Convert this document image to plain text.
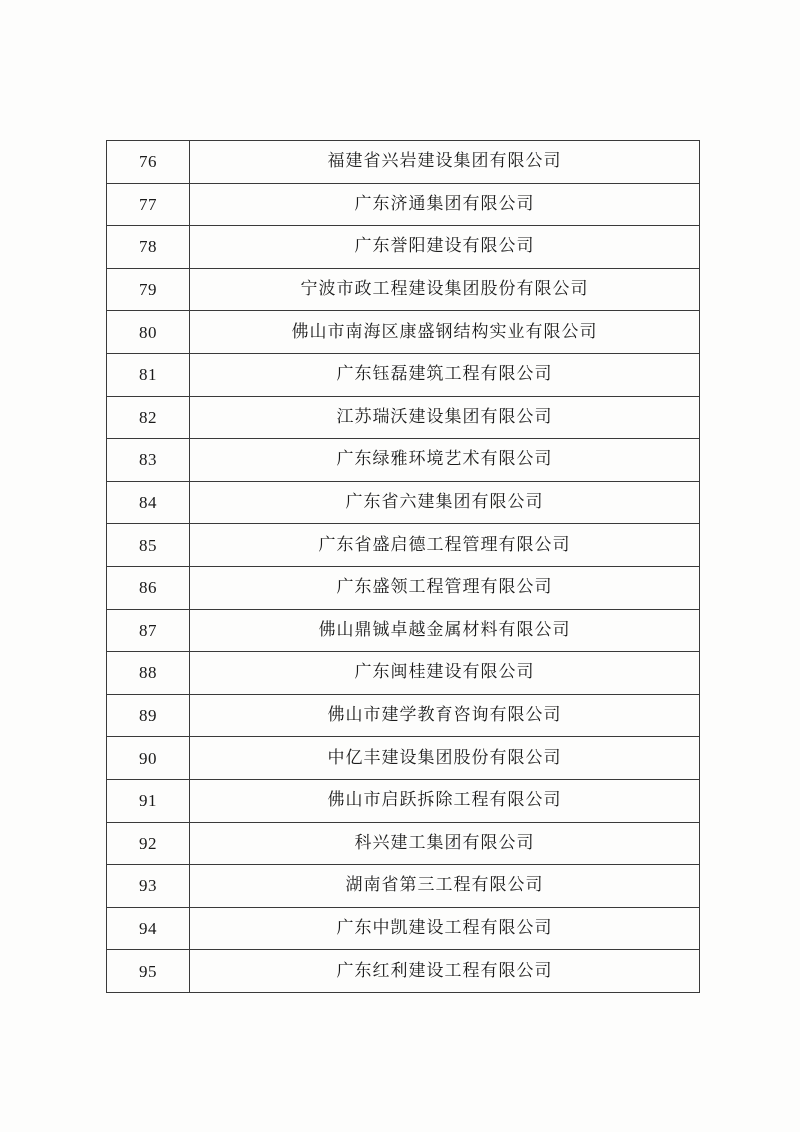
76	福建省兴岩建设集团有限公司
77	广东济通集团有限公司
78	广东誉阳建设有限公司
79	宁波市政工程建设集团股份有限公司
80	佛山市南海区康盛钢结构实业有限公司
81	广东钰磊建筑工程有限公司
82	江苏瑞沃建设集团有限公司
83	广东绿雅环境艺术有限公司
84	广东省六建集团有限公司
85	广东省盛启德工程管理有限公司
86	广东盛领工程管理有限公司
87	佛山鼎铖卓越金属材料有限公司
88	广东闽桂建设有限公司
89	佛山市建学教育咨询有限公司
90	中亿丰建设集团股份有限公司
91	佛山市启跃拆除工程有限公司
92	科兴建工集团有限公司
93	湖南省第三工程有限公司
94	广东中凯建设工程有限公司
95	广东红利建设工程有限公司
